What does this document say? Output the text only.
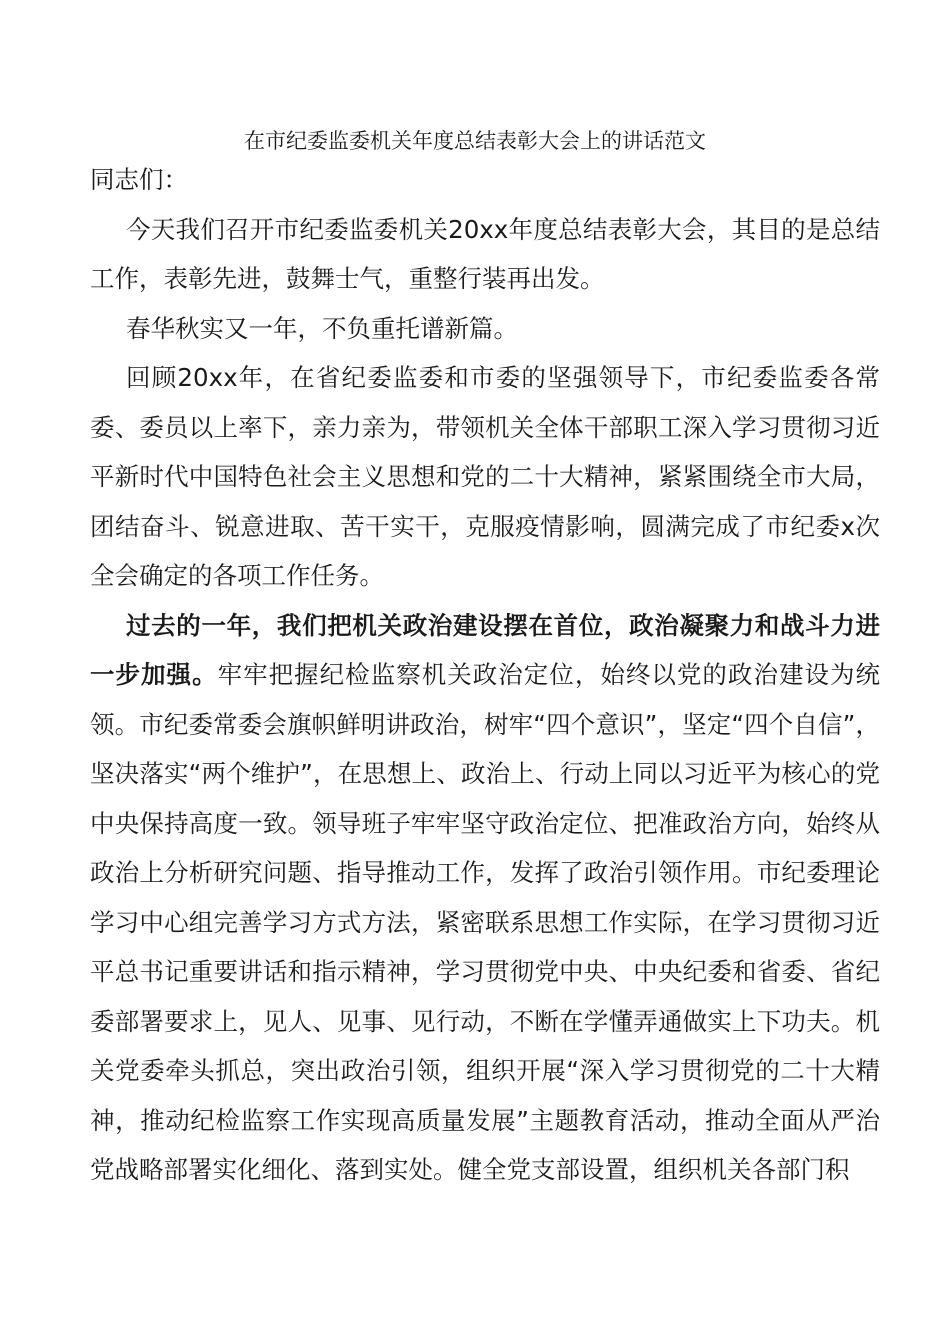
在市纪委监委机关年度总结表彰大会上的讲话范文

同志们：

今天我们召开市纪委监委机关20xx年度总结表彰大会，其目的是总结工作，表彰先进，鼓舞士气，重整行装再出发。

春华秋实又一年，不负重托谱新篇。

回顾20xx年，在省纪委监委和市委的坚强领导下，市纪委监委各常委、委员以上率下，亲力亲为，带领机关全体干部职工深入学习贯彻习近平新时代中国特色社会主义思想和党的二十大精神，紧紧围绕全市大局，团结奋斗、锐意进取、苦干实干，克服疫情影响，圆满完成了市纪委x次全会确定的各项工作任务。

过去的一年，我们把机关政治建设摆在首位，政治凝聚力和战斗力进一步加强。牢牢把握纪检监察机关政治定位，始终以党的政治建设为统领。市纪委常委会旗帜鲜明讲政治，树牢“四个意识”，坚定“四个自信”，坚决落实“两个维护”，在思想上、政治上、行动上同以习近平为核心的党中央保持高度一致。领导班子牢牢坚守政治定位、把准政治方向，始终从政治上分析研究问题、指导推动工作，发挥了政治引领作用。市纪委理论学习中心组完善学习方式方法，紧密联系思想工作实际，在学习贯彻习近平总书记重要讲话和指示精神，学习贯彻党中央、中央纪委和省委、省纪委部署要求上，见人、见事、见行动，不断在学懂弄通做实上下功夫。机关党委牵头抓总，突出政治引领，组织开展“深入学习贯彻党的二十大精神，推动纪检监察工作实现高质量发展”主题教育活动，推动全面从严治党战略部署实化细化、落到实处。健全党支部设置，组织机关各部门积
